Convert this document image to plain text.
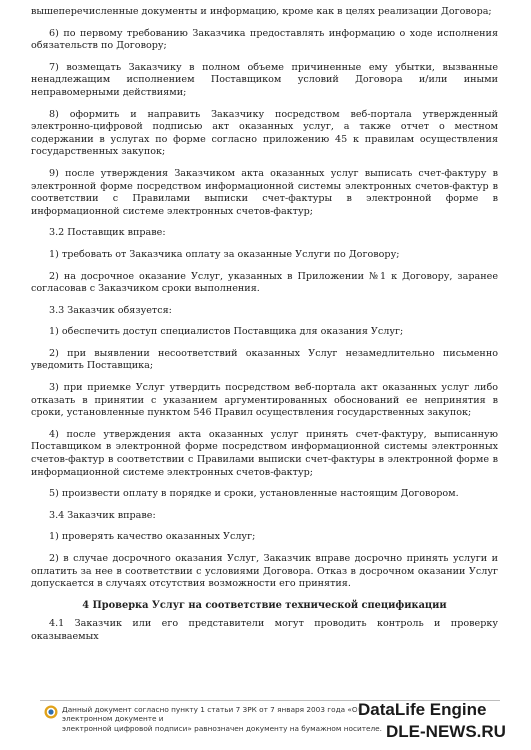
вышеперечисленные документы и информацию, кроме как в целях реализации Договора;

6) по первому требованию Заказчика предоставлять информацию о ходе исполнения обязательств по Договору;

7) возмещать Заказчику в полном объеме причиненные ему убытки, вызванные ненадлежащим исполнением Поставщиком условий Договора и/или иными неправомерными действиями;

8) оформить и направить Заказчику посредством веб-портала утвержденный электронно-цифровой подписью акт оказанных услуг, а также отчет о местном содержании в услугах по форме согласно приложению 45 к правилам осуществления государственных закупок;

9) после утверждения Заказчиком акта оказанных услуг выписать счет-фактуру в электронной форме посредством информационной системы электронных счетов-фактур в соответствии с Правилами выписки счет-фактуры в электронной форме в информационной системе электронных счетов-фактур;

3.2 Поставщик вправе:

1) требовать от Заказчика оплату за оказанные Услуги по Договору;

2) на досрочное оказание Услуг, указанных в Приложении №1 к Договору, заранее согласовав с Заказчиком сроки выполнения.

3.3 Заказчик обязуется:

1) обеспечить доступ специалистов Поставщика для оказания Услуг;

2) при выявлении несоответствий оказанных Услуг незамедлительно письменно уведомить Поставщика;

3) при приемке Услуг утвердить посредством веб-портала акт оказанных услуг либо отказать в принятии с указанием аргументированных обоснований ее непринятия в сроки, установленные пунктом 546 Правил осуществления государственных закупок;

4) после утверждения акта оказанных услуг принять счет-фактуру, выписанную Поставщиком в электронной форме посредством информационной системы электронных счетов-фактур в соответствии с Правилами выписки счет-фактуры в электронной форме в информационной системе электронных счетов-фактур;

5) произвести оплату в порядке и сроки, установленные настоящим Договором.

3.4 Заказчик вправе:

1) проверять качество оказанных Услуг;

2) в случае досрочного оказания Услуг, Заказчик вправе досрочно принять услуги и оплатить за нее в соответствии с условиями Договора. Отказ в досрочном оказании Услуг допускается в случаях отсутствия возможности его принятия.

4 Проверка Услуг на соответствие технической спецификации

4.1 Заказчик или его представители могут проводить контроль и проверку оказываемых

Данный документ согласно пункту 1 статьи 7 ЗРК от 7 января 2003 года «Об электронном документе и
электронной цифровой подписи» равнозначен документу на бумажном носителе.
DataLife Engine
DLE-NEWS.RU
